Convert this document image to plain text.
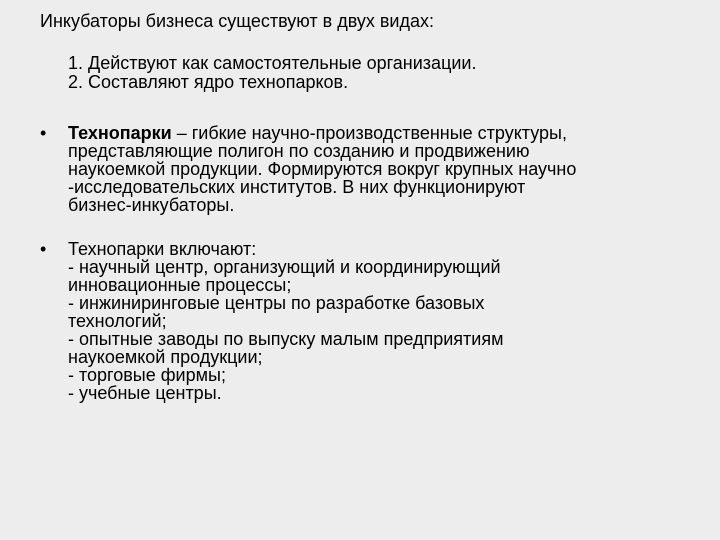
Инкубаторы бизнеса существуют в двух видах:
1. Действуют как самостоятельные организации.
2. Составляют ядро технопарков.
• Технопарки – гибкие научно-производственные структуры,
представляющие полигон по созданию и продвижению
наукоемкой продукции. Формируются вокруг крупных научно
-исследовательских институтов. В них функционируют
бизнес-инкубаторы.
• Технопарки включают:
- научный центр, организующий и координирующий
инновационные процессы;
- инжиниринговые центры по разработке базовых
технологий;
- опытные заводы по выпуску малым предприятиям
наукоемкой продукции;
- торговые фирмы;
- учебные центры.
